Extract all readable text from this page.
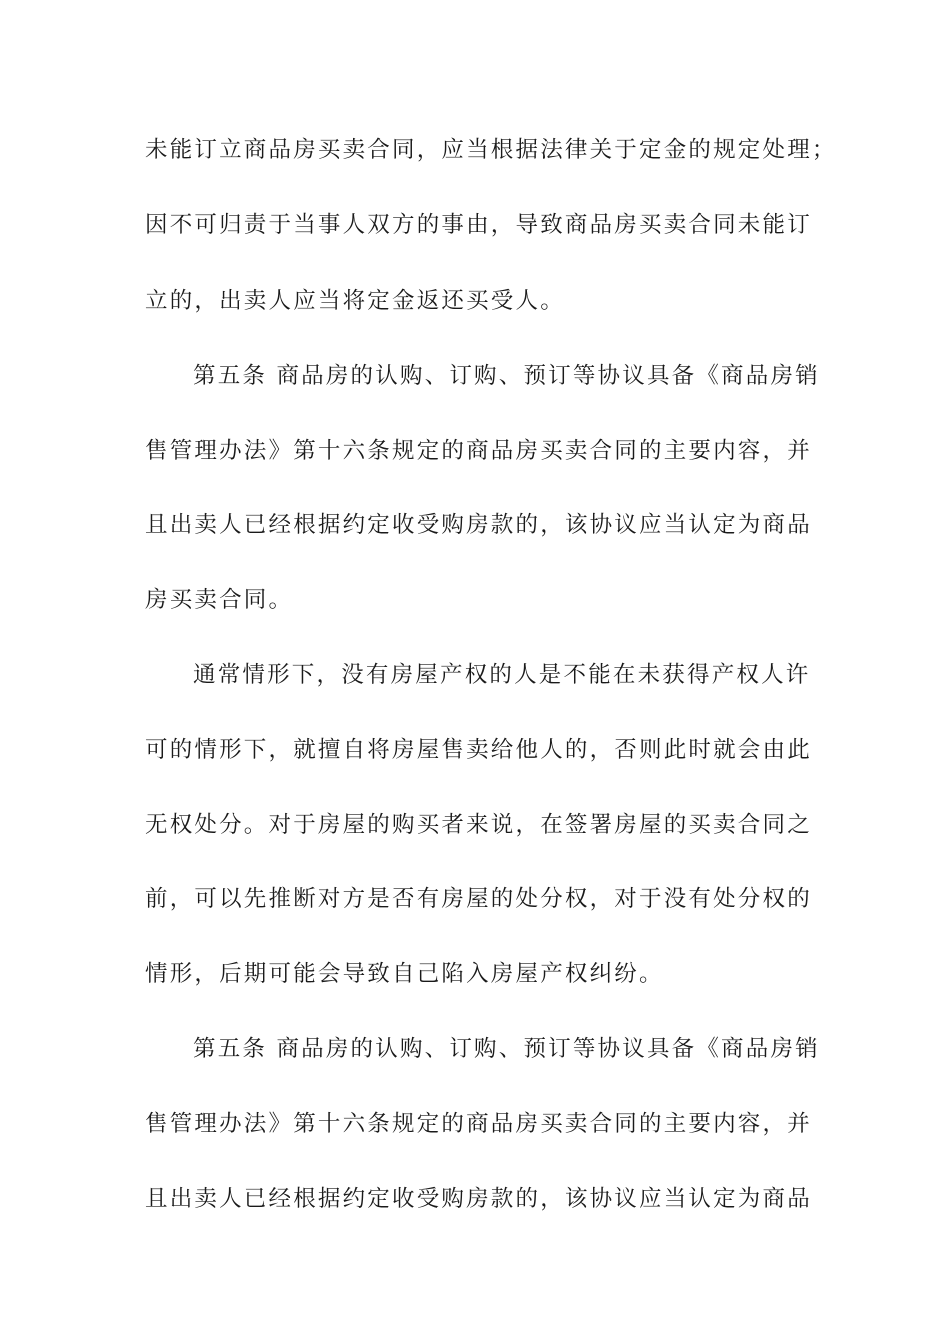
未能订立商品房买卖合同，应当根据法律关于定金的规定处理；
因不可归责于当事人双方的事由，导致商品房买卖合同未能订
立的，出卖人应当将定金返还买受人。
第五条 商品房的认购、订购、预订等协议具备《商品房销
售管理办法》第十六条规定的商品房买卖合同的主要内容，并
且出卖人已经根据约定收受购房款的，该协议应当认定为商品
房买卖合同。
通常情形下，没有房屋产权的人是不能在未获得产权人许
可的情形下，就擅自将房屋售卖给他人的，否则此时就会由此
无权处分。对于房屋的购买者来说，在签署房屋的买卖合同之
前，可以先推断对方是否有房屋的处分权，对于没有处分权的
情形，后期可能会导致自己陷入房屋产权纠纷。
第五条 商品房的认购、订购、预订等协议具备《商品房销
售管理办法》第十六条规定的商品房买卖合同的主要内容，并
且出卖人已经根据约定收受购房款的，该协议应当认定为商品
